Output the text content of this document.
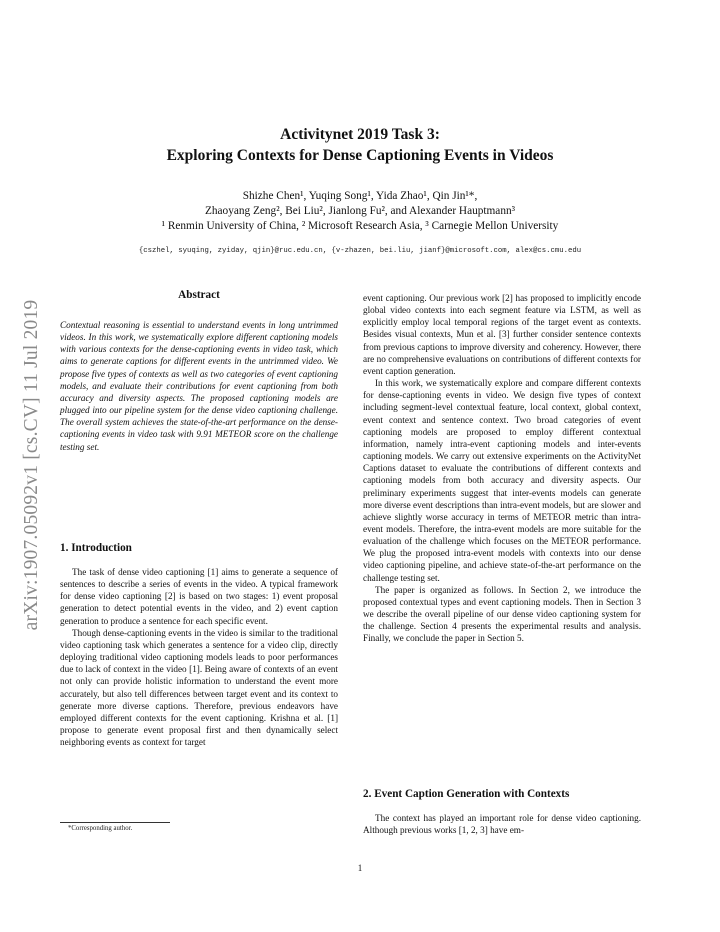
Activitynet 2019 Task 3:
Exploring Contexts for Dense Captioning Events in Videos
Shizhe Chen¹, Yuqing Song¹, Yida Zhao¹, Qin Jin¹*,
Zhaoyang Zeng², Bei Liu², Jianlong Fu², and Alexander Hauptmann³
¹ Renmin University of China, ² Microsoft Research Asia, ³ Carnegie Mellon University
{cszhel, syuqing, zyiday, qjin}@ruc.edu.cn, {v-zhazen, bei.liu, jianf}@microsoft.com, alex@cs.cmu.edu
arXiv:1907.05092v1 [cs.CV] 11 Jul 2019
Abstract
Contextual reasoning is essential to understand events in long untrimmed videos. In this work, we systematically explore different captioning models with various contexts for the dense-captioning events in video task, which aims to generate captions for different events in the untrimmed video. We propose five types of contexts as well as two categories of event captioning models, and evaluate their contributions for event captioning from both accuracy and diversity aspects. The proposed captioning models are plugged into our pipeline system for the dense video captioning challenge. The overall system achieves the state-of-the-art performance on the dense-captioning events in video task with 9.91 METEOR score on the challenge testing set.
1. Introduction

The task of dense video captioning [1] aims to generate a sequence of sentences to describe a series of events in the video. A typical framework for dense video captioning [2] is based on two stages: 1) event proposal generation to detect potential events in the video, and 2) event caption generation to produce a sentence for each specific event.

Though dense-captioning events in the video is similar to the traditional video captioning task which generates a sentence for a video clip, directly deploying traditional video captioning models leads to poor performances due to lack of context in the video [1]. Being aware of contexts of an event not only can provide holistic information to understand the event more accurately, but also tell differences between target event and its context to generate more diverse captions. Therefore, previous endeavors have employed different contexts for the event captioning. Krishna et al. [1] propose to generate event proposal first and then dynamically select neighboring events as context for target

event captioning. Our previous work [2] has proposed to implicitly encode global video contexts into each segment feature via LSTM, as well as explicitly employ local temporal regions of the target event as contexts. Besides visual contexts, Mun et al. [3] further consider sentence contexts from previous captions to improve diversity and coherency. However, there are no comprehensive evaluations on contributions of different contexts for event caption generation.

In this work, we systematically explore and compare different contexts for dense-captioning events in video. We design five types of context including segment-level contextual feature, local context, global context, event context and sentence context. Two broad categories of event captioning models are proposed to employ different contextual information, namely intra-event captioning models and inter-events captioning models. We carry out extensive experiments on the ActivityNet Captions dataset to evaluate the contributions of different contexts and captioning models from both accuracy and diversity aspects. Our preliminary experiments suggest that inter-events models can generate more diverse event descriptions than intra-event models, but are slower and achieve slightly worse accuracy in terms of METEOR metric than intra-event models. Therefore, the intra-event models are more suitable for the evaluation of the challenge which focuses on the METEOR performance. We plug the proposed intra-event models with contexts into our dense video captioning pipeline, and achieve state-of-the-art performance on the challenge testing set.

The paper is organized as follows. In Section 2, we introduce the proposed contextual types and event captioning models. Then in Section 3 we describe the overall pipeline of our dense video captioning system for the challenge. Section 4 presents the experimental results and analysis. Finally, we conclude the paper in Section 5.

2. Event Caption Generation with Contexts

The context has played an important role for dense video captioning. Although previous works [1, 2, 3] have em-

*Corresponding author.
1
